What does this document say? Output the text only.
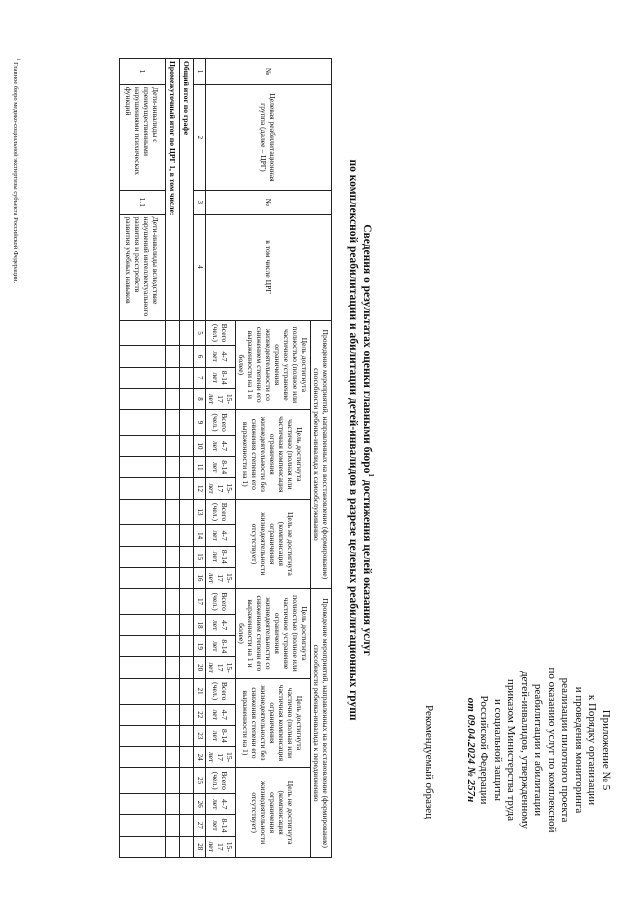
Приложение № 5
к Порядку организации
и проведения мониторинга
реализации пилотного проекта
по оказанию услуг по комплексной
реабилитации и абилитации
детей-инвалидов, утвержденному
приказом Министерства труда
и социальной защиты
Российской Федерации
от 09.04.2024 № 257н
Рекомендуемый образец
Сведения о результатах оценки главными бюро$^1$ достижения целей оказания услуг
по комплексной реабилитации и абилитации детей-инвалидов в разрезе целевых реабилитационных групп
№	Целевая реабилитационная группа (далее – ЦРГ)	№	в том числе ЦРГ	Проведение мероприятий, направленных на восстановление (формирование) способности ребенка-инвалида к самообслуживанию												Проведение мероприятий, направленных на восстановление (формирование) способности ребенка-инвалида к передвижению											
				Цель достигнута полностью (полное или частичное устранение ограничения жизнедеятельности со снижением степени его выраженности на 1 и более)				Цель достигнута частично (полная или частичная компенсация ограничения жизнедеятельности без снижения степени его выраженности на 1)				Цель не достигнута (компенсация ограничения жизнедеятельности отсутствует)				Цель достигнута полностью (полное или частичное устранение ограничения жизнедеятельности со снижением степени его выраженности на 1 и более)				Цель достигнута частично (полная или частичная компенсация ограничения жизнедеятельности без снижения степени его выраженности на 1)				Цель не достигнута (компенсация ограничения жизнедеятельности отсутствует)			
				Всего (чел.)	4-7 лет	8-14 лет	15-17 лет	Всего (чел.)	4-7 лет	8-14 лет	15-17 лет	Всего (чел.)	4-7 лет	8-14 лет	15-17 лет	Всего (чел.)	4-7 лет	8-14 лет	15-17 лет	Всего (чел.)	4-7 лет	8-14 лет	15-17 лет	Всего (чел.)	4-7 лет	8-14 лет	15-17 лет
1	2	3	4	5	6	7	8	9	10	11	12	13	14	15	16	17	18	19	20	21	22	23	24	25	26	27	28
Общий итог по графе																											
Промежуточный итог по ЦРГ 1, в том числе:																											
1	Дети-инвалиды с преимущественными нарушениями психических функций	1.1	Дети-инвалиды вследствие нарушений интеллектуального развития и расстройств развития учебных навыков																								
$^1$ Главное бюро медико-социальной экспертизы субъекта Российской Федерации.
